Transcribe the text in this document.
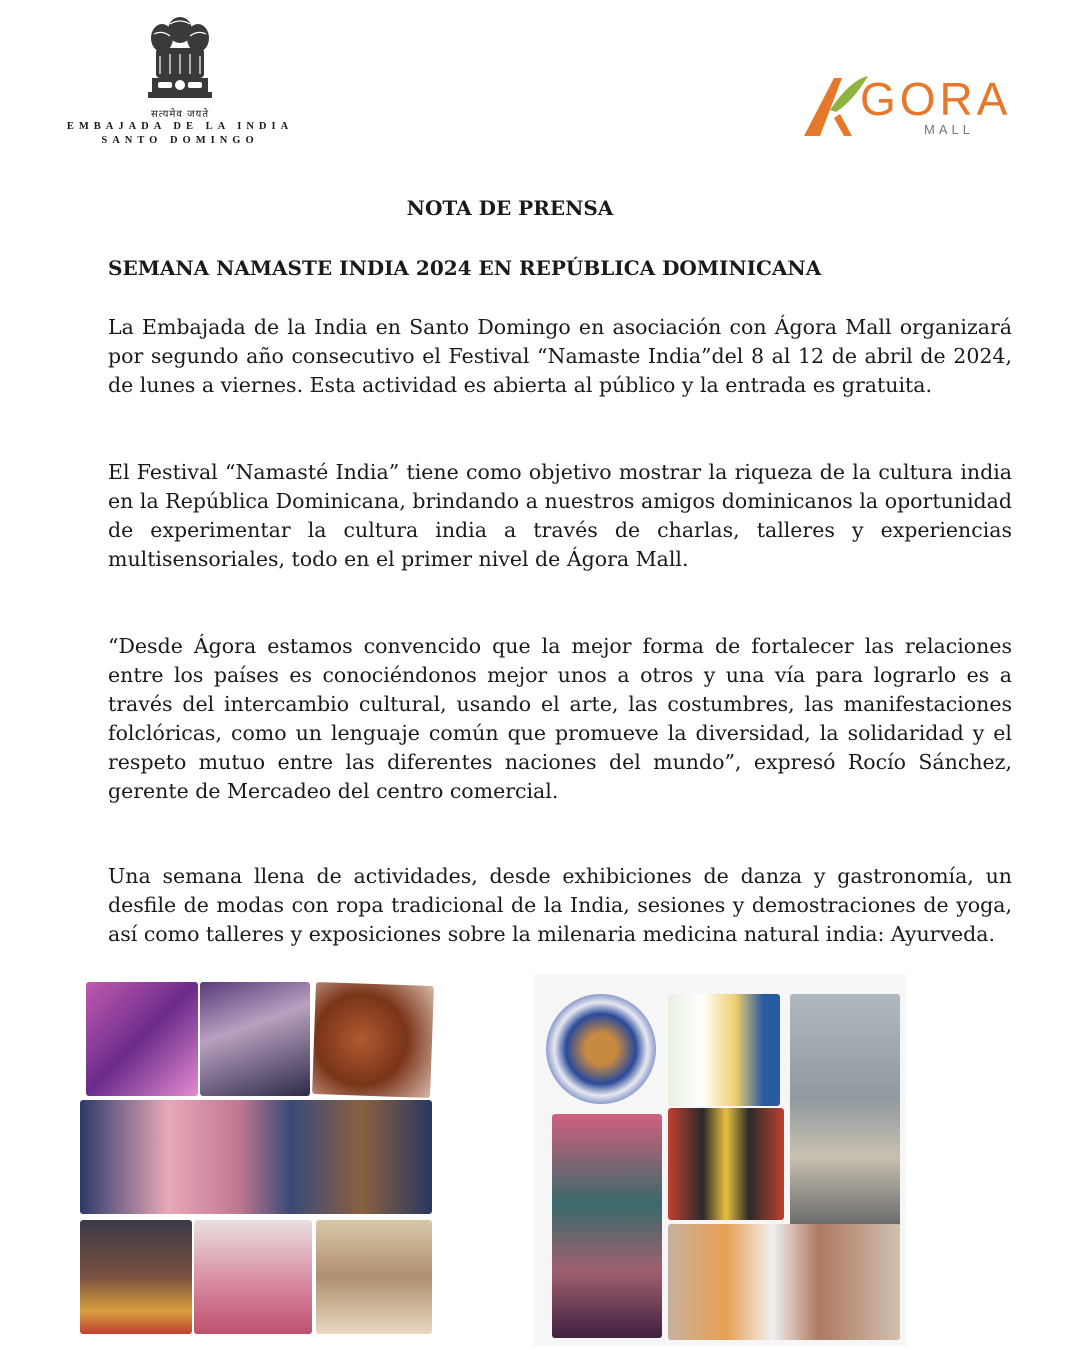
सत्यमेव जयते
EMBAJADA DE LA INDIA
SANTO DOMINGO
GORA
MALL
NOTA DE PRENSA
SEMANA NAMASTE INDIA 2024 EN REPÚBLICA DOMINICANA
La Embajada de la India en Santo Domingo en asociación con Ágora Mall organizará por segundo año consecutivo el Festival “Namaste India”del 8 al 12 de abril de 2024, de lunes a viernes. Esta actividad es abierta al público y la entrada es gratuita.
El Festival “Namasté India” tiene como objetivo mostrar la riqueza de la cultura india en la República Dominicana, brindando a nuestros amigos dominicanos la oportunidad de experimentar la cultura india a través de charlas, talleres y experiencias multisensoriales, todo en el primer nivel de Ágora Mall.
“Desde Ágora estamos convencido que la mejor forma de fortalecer las relaciones entre los países es conociéndonos mejor unos a otros y una vía para lograrlo es a través del intercambio cultural, usando el arte, las costumbres, las manifestaciones folclóricas, como un lenguaje común que promueve la diversidad, la solidaridad y el respeto mutuo entre las diferentes naciones del mundo”, expresó Rocío Sánchez, gerente de Mercadeo del centro comercial.
Una semana llena de actividades, desde exhibiciones de danza y gastronomía, un desfile de modas con ropa tradicional de la India, sesiones y demostraciones de yoga, así como talleres y exposiciones sobre la milenaria medicina natural india: Ayurveda.
